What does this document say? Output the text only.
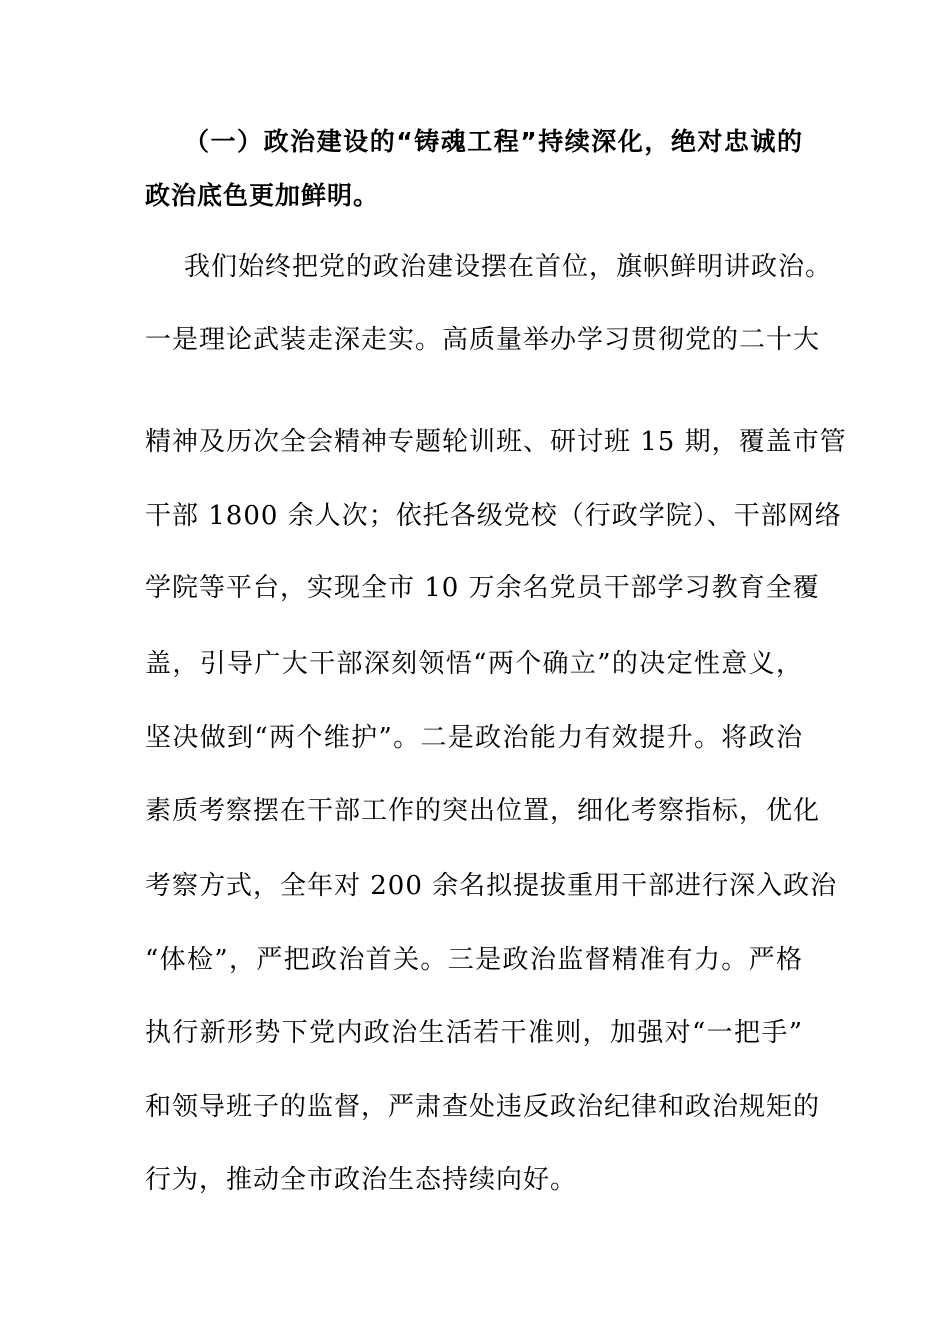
（一）政治建设的“铸魂工程”持续深化，绝对忠诚的
政治底色更加鲜明。
我们始终把党的政治建设摆在首位，旗帜鲜明讲政治。
一是理论武装走深走实。高质量举办学习贯彻党的二十大
精神及历次全会精神专题轮训班、研讨班 15 期，覆盖市管
干部 1800 余人次；依托各级党校（行政学院）、干部网络
学院等平台，实现全市 10 万余名党员干部学习教育全覆
盖，引导广大干部深刻领悟“两个确立”的决定性意义，
坚决做到“两个维护”。二是政治能力有效提升。将政治
素质考察摆在干部工作的突出位置，细化考察指标，优化
考察方式，全年对 200 余名拟提拔重用干部进行深入政治
“体检”，严把政治首关。三是政治监督精准有力。严格
执行新形势下党内政治生活若干准则，加强对“一把手”
和领导班子的监督，严肃查处违反政治纪律和政治规矩的
行为，推动全市政治生态持续向好。
